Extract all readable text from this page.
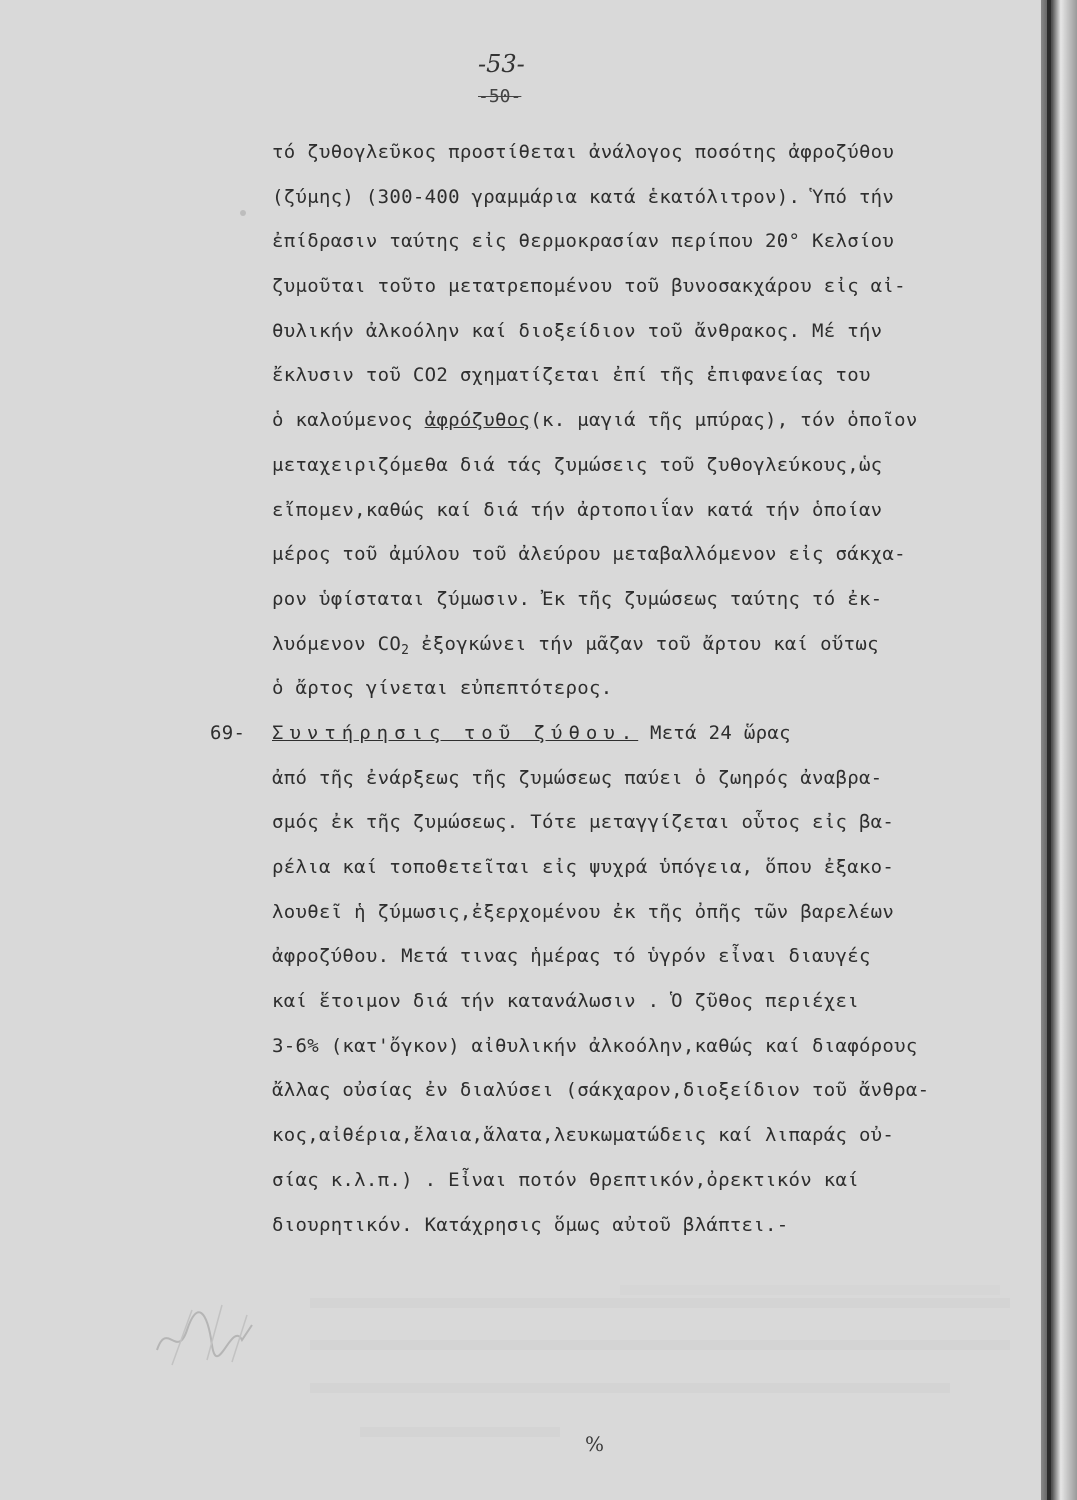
-53-
-50-
τό ζυθογλεῦκος προστίθεται ἀνάλογος ποσότης ἀφροζύθου
(ζύμης) (300-400 γραμμάρια κατά ἑκατόλιτρον). Ὑπό τήν
ἐπίδρασιν ταύτης εἰς θερμοκρασίαν περίπου 20° Κελσίου
ζυμοῦται τοῦτο μετατρεπομένου τοῦ βυνοσακχάρου εἰς αἰ-
θυλικήν ἀλκοόλην καί διοξείδιον τοῦ ἄνθρακος. Μέ τήν
ἔκλυσιν τοῦ CO2 σχηματίζεται ἐπί τῆς ἐπιφανείας του
ὁ καλούμενος ἀφρόζυθος(κ. μαγιά τῆς μπύρας), τόν ὁποῖον
μεταχειριζόμεθα διά τάς ζυμώσεις τοῦ ζυθογλεύκους,ὡς
εἴπομεν,καθώς καί διά τήν ἀρτοποιΐαν κατά τήν ὁποίαν
μέρος τοῦ ἀμύλου τοῦ ἀλεύρου μεταβαλλόμενον εἰς σάκχα-
ρον ὑφίσταται ζύμωσιν. Ἐκ τῆς ζυμώσεως ταύτης τό ἐκ-
λυόμενον $CO_2$ ἐξογκώνει τήν μᾶζαν τοῦ ἄρτου καί οὕτως
ὁ ἄρτος γίνεται εὐπεπτότερος.
69- Συντήρησις τοῦ ζύθου. Μετά 24 ὥρας
ἀπό τῆς ἐνάρξεως τῆς ζυμώσεως παύει ὁ ζωηρός ἀναβρα-
σμός ἐκ τῆς ζυμώσεως. Τότε μεταγγίζεται οὗτος εἰς βα-
ρέλια καί τοποθετεῖται εἰς ψυχρά ὑπόγεια, ὅπου ἐξακο-
λουθεῖ ἡ ζύμωσις,ἐξερχομένου ἐκ τῆς ὀπῆς τῶν βαρελέων
ἀφροζύθου. Μετά τινας ἡμέρας τό ὑγρόν εἶναι διαυγές
καί ἕτοιμον διά τήν κατανάλωσιν . Ὁ ζῦθος περιέχει
3-6% (κατ'ὄγκον) αἰθυλικήν ἀλκοόλην,καθώς καί διαφόρους
ἄλλας οὐσίας ἐν διαλύσει (σάκχαρον,διοξείδιον τοῦ ἄνθρα-
κος,αἰθέρια,ἔλαια,ἅλατα,λευκωματώδεις καί λιπαράς οὐ-
σίας κ.λ.π.) . Εἶναι ποτόν θρεπτικόν,ὀρεκτικόν καί
διουρητικόν. Κατάχρησις ὅμως αὐτοῦ βλάπτει.-
%
